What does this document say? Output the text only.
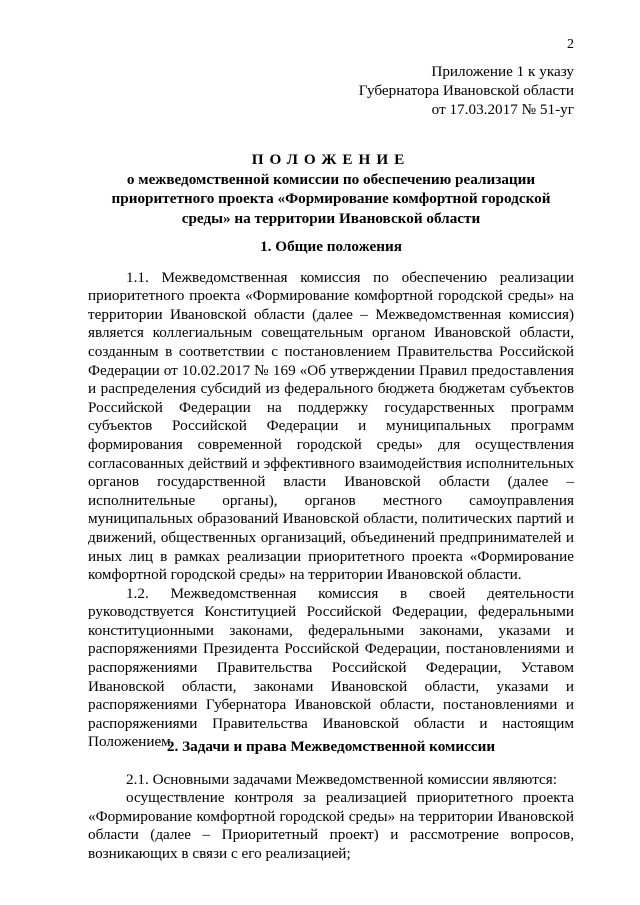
2
Приложение 1 к указу
Губернатора Ивановской области
от 17.03.2017 № 51-уг
ПОЛОЖЕНИЕ
о межведомственной комиссии по обеспечению реализации
приоритетного проекта «Формирование комфортной городской
среды» на территории Ивановской области
1. Общие положения

1.1. Межведомственная комиссия по обеспечению реализации приоритетного проекта «Формирование комфортной городской среды» на территории Ивановской области (далее – Межведомственная комиссия) является коллегиальным совещательным органом Ивановской области, созданным в соответствии с постановлением Правительства Российской Федерации от 10.02.2017 № 169 «Об утверждении Правил предоставления и распределения субсидий из федерального бюджета бюджетам субъектов Российской Федерации на поддержку государственных программ субъектов Российской Федерации и муниципальных программ формирования современной городской среды» для осуществления согласованных действий и эффективного взаимодействия исполнительных органов государственной власти Ивановской области (далее – исполнительные органы), органов местного самоуправления муниципальных образований Ивановской области, политических партий и движений, общественных организаций, объединений предпринимателей и иных лиц в рамках реализации приоритетного проекта «Формирование комфортной городской среды» на территории Ивановской области.

1.2. Межведомственная комиссия в своей деятельности руководствуется Конституцией Российской Федерации, федеральными конституционными законами, федеральными законами, указами и распоряжениями Президента Российской Федерации, постановлениями и распоряжениями Правительства Российской Федерации, Уставом Ивановской области, законами Ивановской области, указами и распоряжениями Губернатора Ивановской области, постановлениями и распоряжениями Правительства Ивановской области и настоящим Положением.

2. Задачи и права Межведомственной комиссии

2.1. Основными задачами Межведомственной комиссии являются:

осуществление контроля за реализацией приоритетного проекта «Формирование комфортной городской среды» на территории Ивановской области (далее – Приоритетный проект) и рассмотрение вопросов, возникающих в связи с его реализацией;
